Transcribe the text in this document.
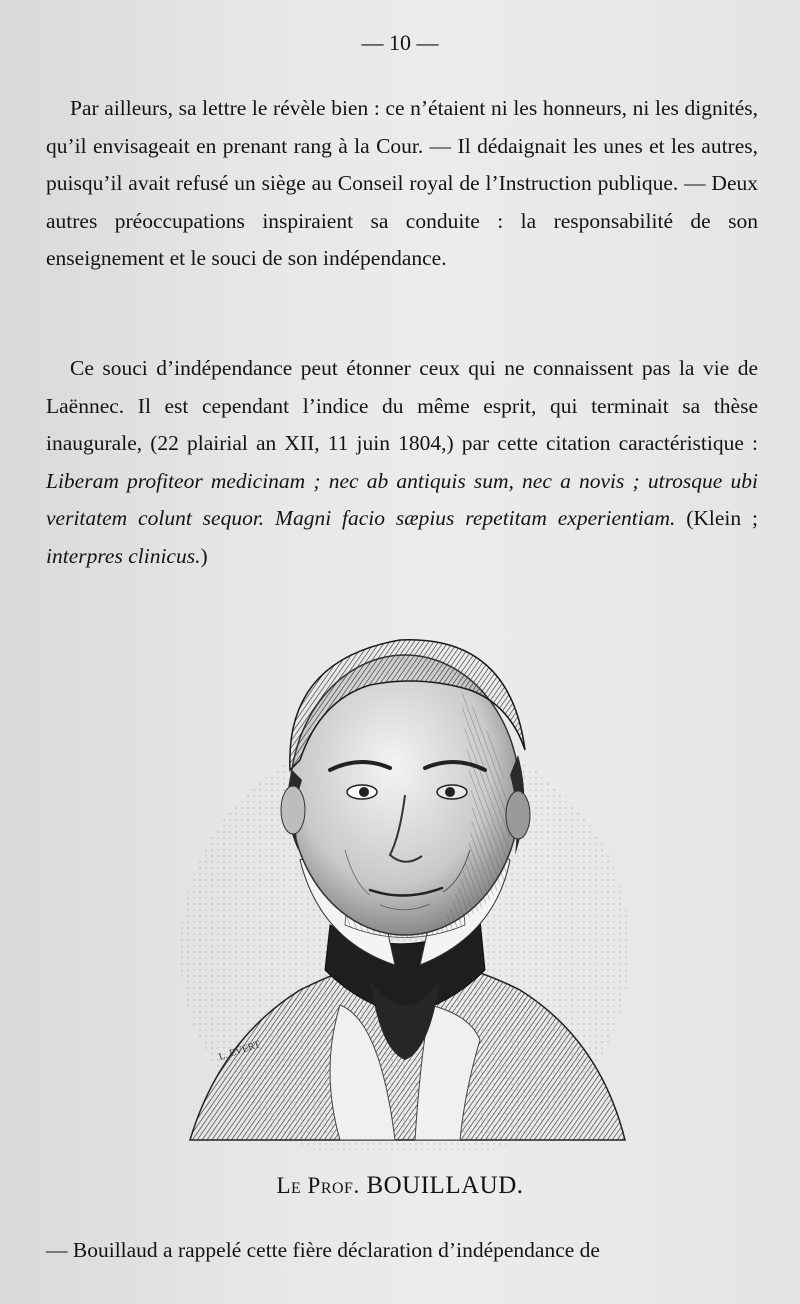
— 10 —

Par ailleurs, sa lettre le révèle bien : ce n’étaient ni les honneurs, ni les dignités, qu’il envisageait en prenant rang à la Cour. — Il dédaignait les unes et les autres, puisqu’il avait refusé un siège au Conseil royal de l’Instruction publique. — Deux autres préoccupations inspiraient sa conduite : la responsabilité de son enseignement et le souci de son indépendance.

Ce souci d’indépendance peut étonner ceux qui ne connaissent pas la vie de Laënnec. Il est cependant l’indice du même esprit, qui terminait sa thèse inaugurale, (22 plairial an XII, 11 juin 1804,) par cette citation caractéristique : Liberam profiteor medicinam ; nec ab antiquis sum, nec a novis ; utrosque ubi veritatem colunt sequor. Magni facio sæpius repetitam experientiam. (Klein ; interpres clinicus.)

L. EVERT
Le Prof. BOUILLAUD.

— Bouillaud a rappelé cette fière déclaration d’indépendance de
